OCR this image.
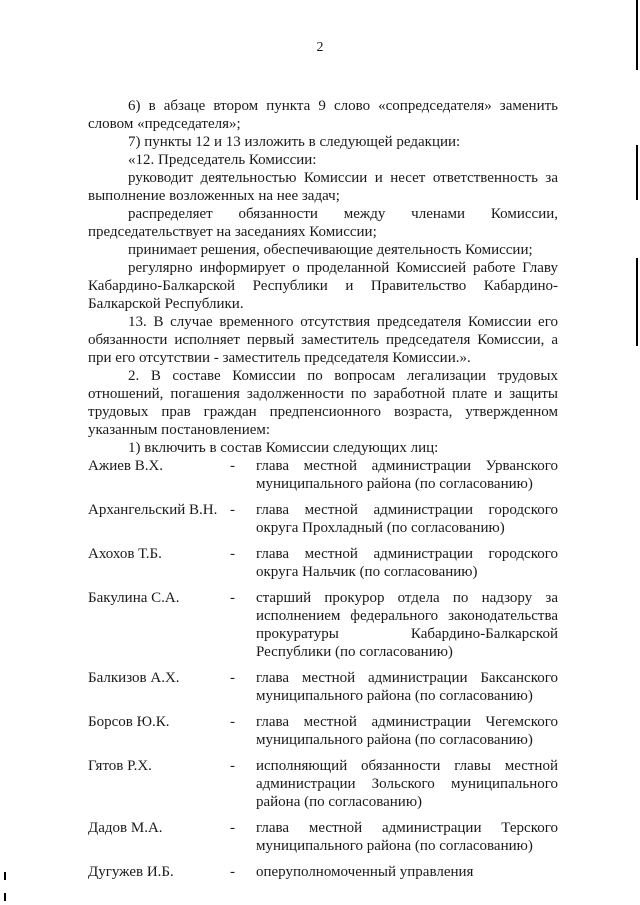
2

6) в абзаце втором пункта 9 слово «сопредседателя» заменить словом «председателя»;

7) пункты 12 и 13 изложить в следующей редакции:

«12. Председатель Комиссии:

руководит деятельностью Комиссии и несет ответственность за выполнение возложенных на нее задач;

распределяет обязанности между членами Комиссии, председательствует на заседаниях Комиссии;

принимает решения, обеспечивающие деятельность Комиссии;

регулярно информирует о проделанной Комиссией работе Главу Кабардино-Балкарской Республики и Правительство Кабардино-Балкарской Республики.

13. В случае временного отсутствия председателя Комиссии его обязанности исполняет первый заместитель председателя Комиссии, а при его отсутствии - заместитель председателя Комиссии.».

2. В составе Комиссии по вопросам легализации трудовых отношений, погашения задолженности по заработной плате и защиты трудовых прав граждан предпенсионного возраста, утвержденном указанным постановлением:

1) включить в состав Комиссии следующих лиц:

Ажиев В.Х.	-	глава местной администрации Урванского муниципального района (по согласованию)
Архангельский В.Н. -	глава местной администрации городского округа Прохладный (по согласованию)
Ахохов Т.Б.	-	глава местной администрации городского округа Нальчик (по согласованию)
Бакулина С.А.	-	старший прокурор отдела по надзору за исполнением федерального законодательства прокуратуры Кабардино-Балкарской Республики (по согласованию)
Балкизов А.Х.	-	глава местной администрации Баксанского муниципального района (по согласованию)
Борсов Ю.К.	-	глава местной администрации Чегемского муниципального района (по согласованию)
Гятов Р.Х.	-	исполняющий обязанности главы местной администрации Зольского муниципального района (по согласованию)
Дадов М.А.	-	глава местной администрации Терского муниципального района (по согласованию)
Дугужев И.Б.	-	оперуполномоченный управления
